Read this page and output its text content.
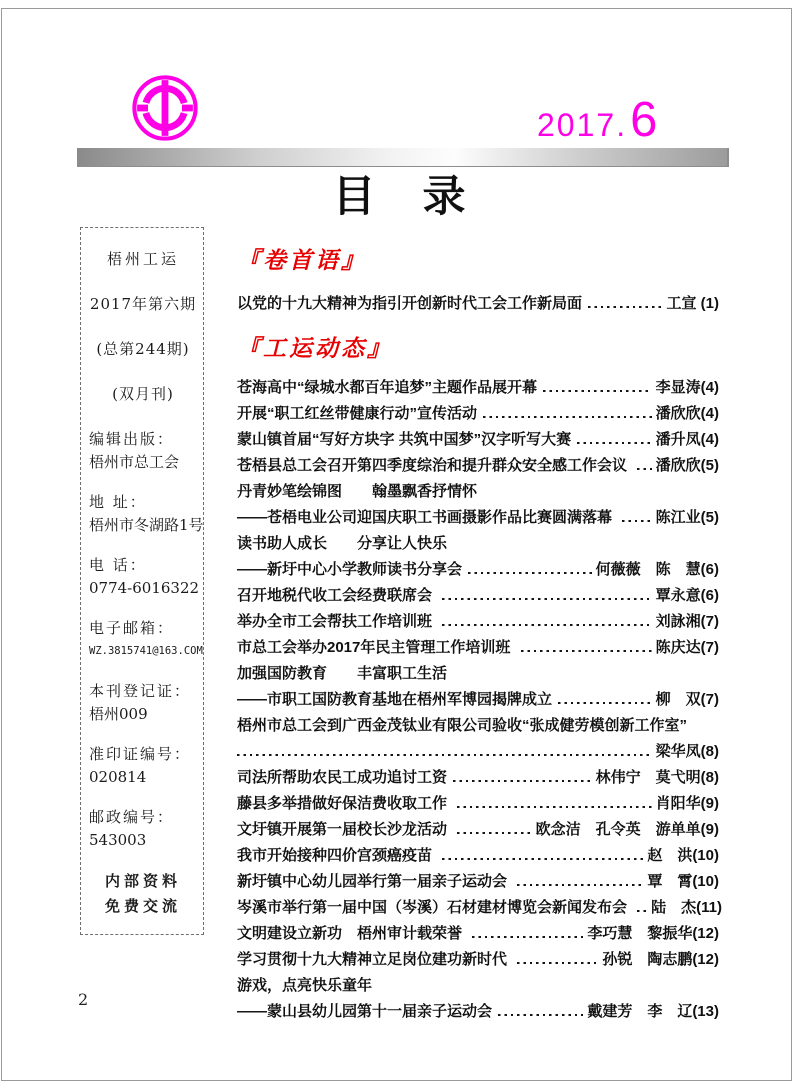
2017. 6
目　录
梧州工运
2017年第六期
(总第244期)
(双月刊)
编辑出版：
梧州市总工会
地 址：
梧州市冬湖路1号
电 话：
0774-6016322
电子邮箱：
WZ.3815741@163.COM
本刊登记证：
梧州009
准印证编号：
020814
邮政编号：
543003
内部资料
免费交流
『卷首语』
以党的十九大精神为指引开创新时代工会工作新局面	工宣 (1)
『工运动态』
苍海高中“绿城水都百年追梦”主题作品展开幕	李显涛(4)
开展“职工红丝带健康行动”宣传活动	潘欣欣(4)
蒙山镇首届“写好方块字 共筑中国梦”汉字听写大赛	潘升凤(4)
苍梧县总工会召开第四季度综治和提升群众安全感工作会议 潘欣欣(5)
丹青妙笔绘锦图　　翰墨飘香抒情怀
——苍梧电业公司迎国庆职工书画摄影作品比赛圆满落幕	陈江业(5)
读书助人成长　　分享让人快乐
——新圩中心小学教师读书分享会	何薇薇　陈　慧(6)
召开地税代收工会经费联席会	覃永意(6)
举办全市工会帮扶工作培训班	刘詠湘(7)
市总工会举办2017年民主管理工作培训班	陈庆达(7)
加强国防教育　　丰富职工生活
——市职工国防教育基地在梧州军博园揭牌成立	柳　双(7)
梧州市总工会到广西金茂钛业有限公司验收“张成健劳模创新工作室”
梁华凤(8)
司法所帮助农民工成功追讨工资	林伟宁　莫弋明(8)
藤县多举措做好保洁费收取工作	肖阳华(9)
文圩镇开展第一届校长沙龙活动	欧念洁　孔令英　游单单(9)
我市开始接种四价宫颈癌疫苗	赵　洪(10)
新圩镇中心幼儿园举行第一届亲子运动会	覃　霄(10)
岑溪市举行第一届中国（岑溪）石材建材博览会新闻发布会 陆　杰(11)
文明建设立新功　梧州审计载荣誉	李巧慧　黎振华(12)
学习贯彻十九大精神立足岗位建功新时代	孙锐　陶志鹏(12)
游戏，点亮快乐童年
——蒙山县幼儿园第十一届亲子运动会	戴建芳　李　辽(13)
2
